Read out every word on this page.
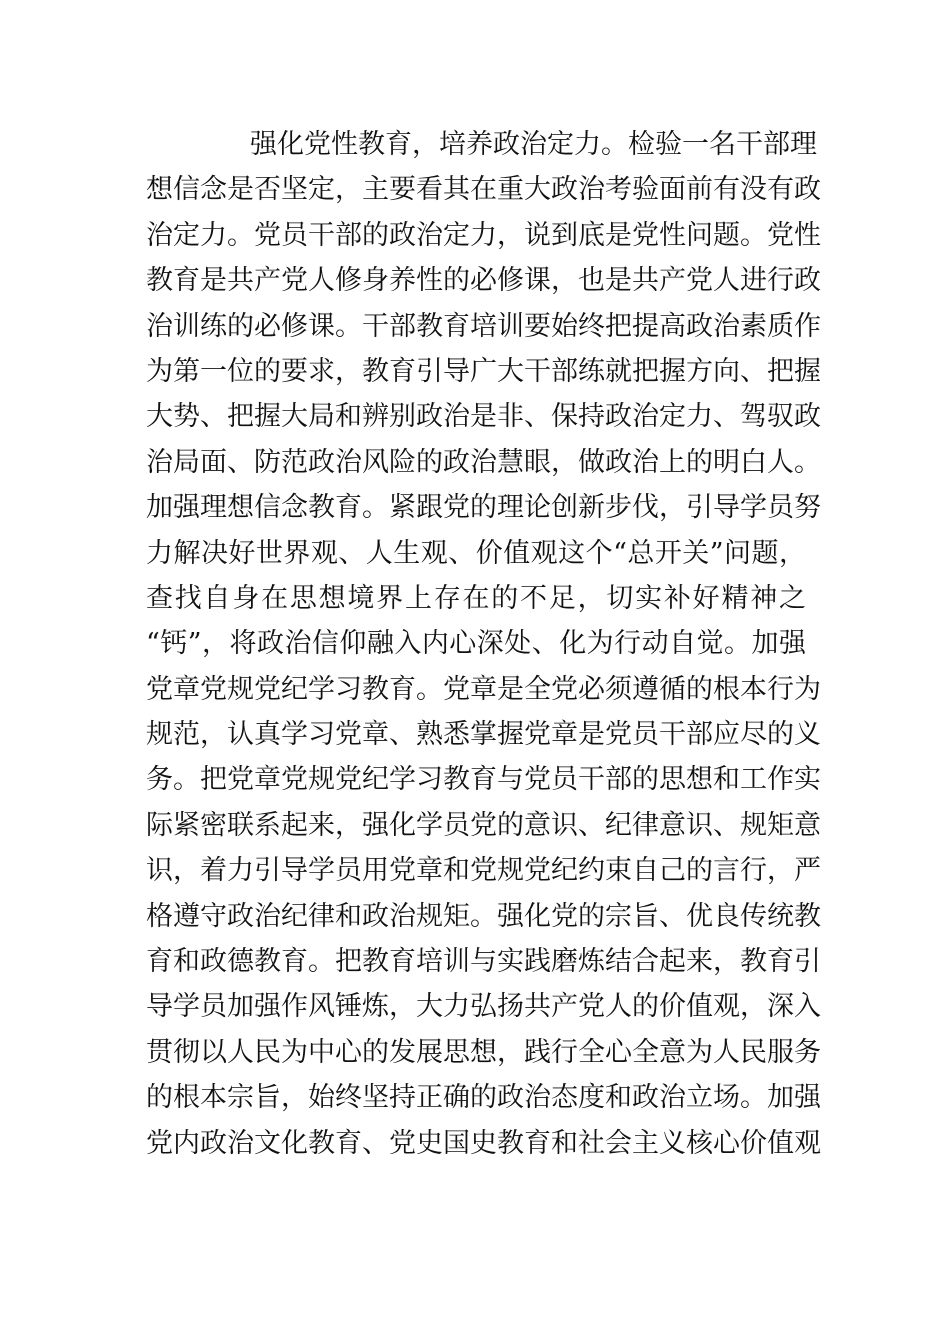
强化党性教育，培养政治定力。检验一名干部理
想信念是否坚定，主要看其在重大政治考验面前有没有政
治定力。党员干部的政治定力，说到底是党性问题。党性
教育是共产党人修身养性的必修课，也是共产党人进行政
治训练的必修课。干部教育培训要始终把提高政治素质作
为第一位的要求，教育引导广大干部练就把握方向、把握
大势、把握大局和辨别政治是非、保持政治定力、驾驭政
治局面、防范政治风险的政治慧眼，做政治上的明白人。
加强理想信念教育。紧跟党的理论创新步伐，引导学员努
力解决好世界观、人生观、价值观这个“总开关”问题，
查找自身在思想境界上存在的不足，切实补好精神之
“钙”，将政治信仰融入内心深处、化为行动自觉。加强
党章党规党纪学习教育。党章是全党必须遵循的根本行为
规范，认真学习党章、熟悉掌握党章是党员干部应尽的义
务。把党章党规党纪学习教育与党员干部的思想和工作实
际紧密联系起来，强化学员党的意识、纪律意识、规矩意
识，着力引导学员用党章和党规党纪约束自己的言行，严
格遵守政治纪律和政治规矩。强化党的宗旨、优良传统教
育和政德教育。把教育培训与实践磨炼结合起来，教育引
导学员加强作风锤炼，大力弘扬共产党人的价值观，深入
贯彻以人民为中心的发展思想，践行全心全意为人民服务
的根本宗旨，始终坚持正确的政治态度和政治立场。加强
党内政治文化教育、党史国史教育和社会主义核心价值观
